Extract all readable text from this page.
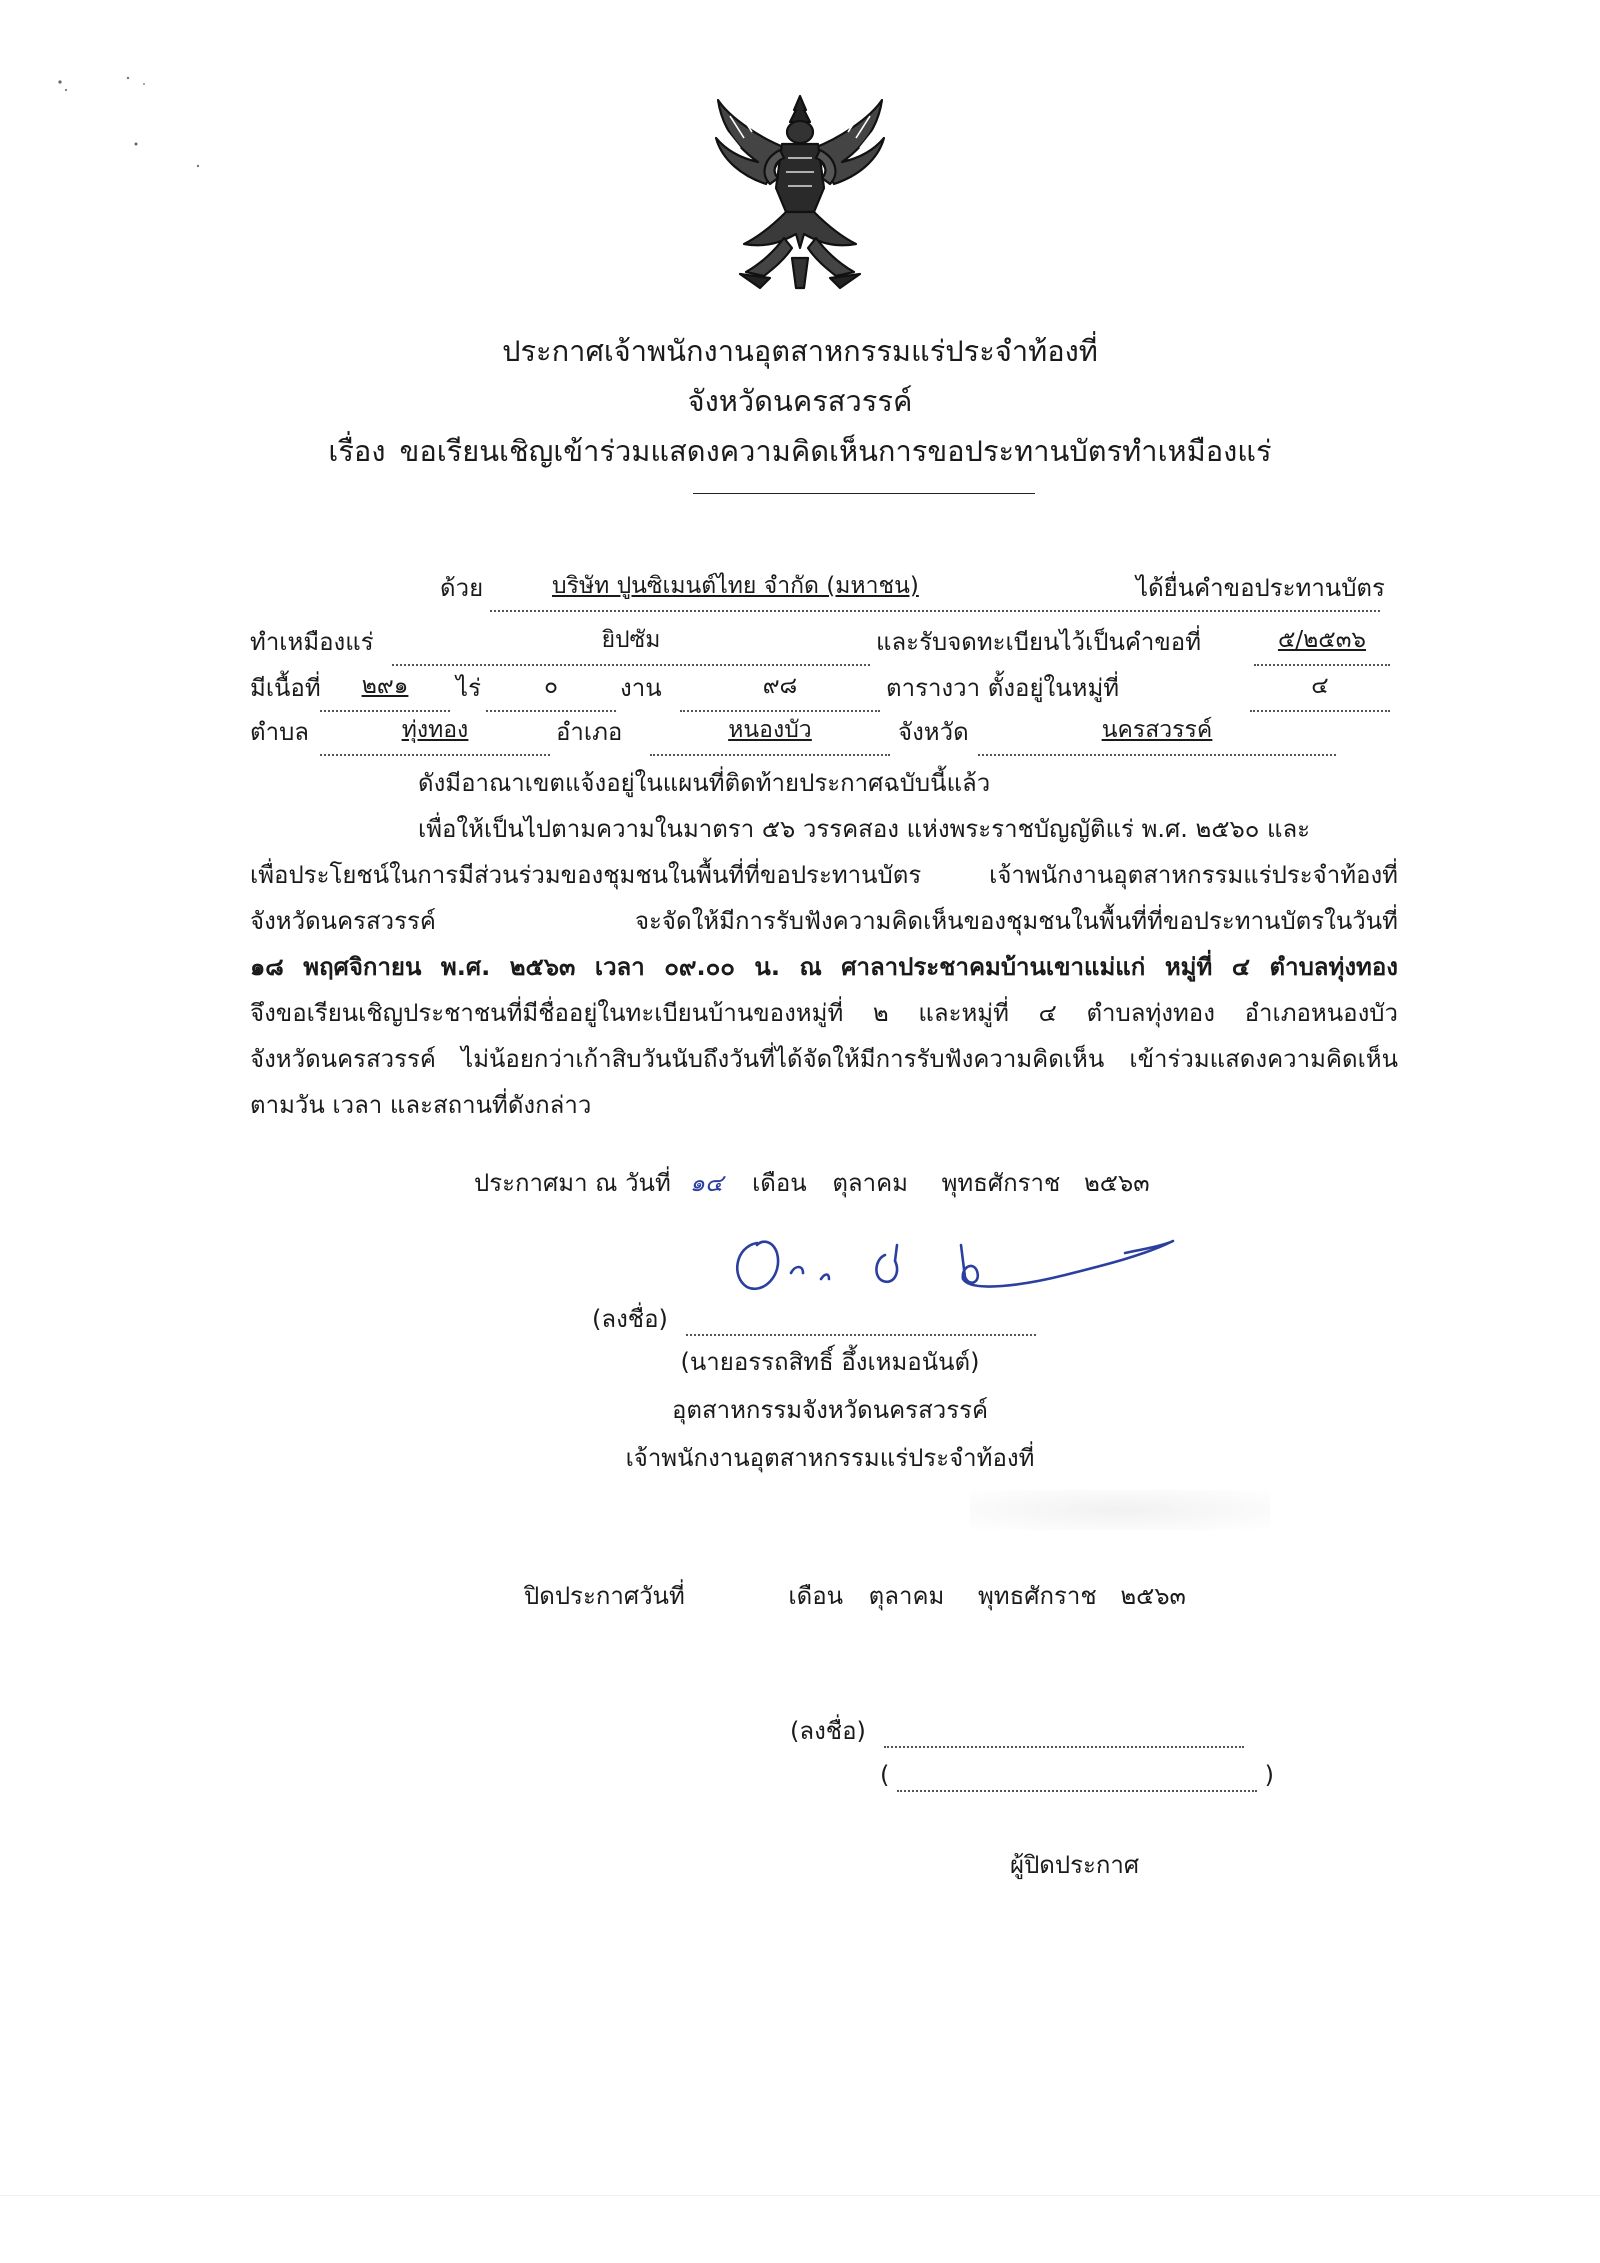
ประกาศเจ้าพนักงานอุตสาหกรรมแร่ประจำท้องที่
จังหวัดนครสวรรค์
เรื่อง ขอเรียนเชิญเข้าร่วมแสดงความคิดเห็นการขอประทานบัตรทำเหมืองแร่
ด้วย	บริษัท ปูนซิเมนต์ไทย จำกัด (มหาชน)	ได้ยื่นคำขอประทานบัตร
ทำเหมืองแร่	ยิปซัม	และรับจดทะเบียนไว้เป็นคำขอที่	๕/๒๕๓๖
มีเนื้อที่	๒๙๑	ไร่	๐	งาน	๙๘	ตารางวา ตั้งอยู่ในหมู่ที่	๔
ตำบล	ทุ่งทอง	อำเภอ	หนองบัว	จังหวัด	นครสวรรค์
ดังมีอาณาเขตแจ้งอยู่ในแผนที่ติดท้ายประกาศฉบับนี้แล้ว
เพื่อให้เป็นไปตามความในมาตรา ๕๖ วรรคสอง แห่งพระราชบัญญัติแร่ พ.ศ. ๒๕๖๐ และ
เพื่อประโยชน์ในการมีส่วนร่วมของชุมชนในพื้นที่ที่ขอประทานบัตร เจ้าพนักงานอุตสาหกรรมแร่ประจำท้องที่
จังหวัดนครสวรรค์ จะจัดให้มีการรับฟังความคิดเห็นของชุมชนในพื้นที่ที่ขอประทานบัตรในวันที่
๑๘ พฤศจิกายน พ.ศ. ๒๕๖๓ เวลา ๐๙.๐๐ น. ณ ศาลาประชาคมบ้านเขาแม่แก่ หมู่ที่ ๔ ตำบลทุ่งทอง
จึงขอเรียนเชิญประชาชนที่มีชื่ออยู่ในทะเบียนบ้านของหมู่ที่ ๒ และหมู่ที่ ๔ ตำบลทุ่งทอง อำเภอหนองบัว
จังหวัดนครสวรรค์ ไม่น้อยกว่าเก้าสิบวันนับถึงวันที่ได้จัดให้มีการรับฟังความคิดเห็น เข้าร่วมแสดงความคิดเห็น
ตามวัน เวลา และสถานที่ดังกล่าว
ประกาศมา ณ วันที่ ๑๔ เดือน ตุลาคม พุทธศักราช ๒๕๖๓
(ลงชื่อ)
(นายอรรถสิทธิ์ อึ้งเหมอนันต์)
อุตสาหกรรมจังหวัดนครสวรรค์
เจ้าพนักงานอุตสาหกรรมแร่ประจำท้องที่
ปิดประกาศวันที่	เดือน ตุลาคม พุทธศักราช ๒๕๖๓
(ลงชื่อ)
(	)
ผู้ปิดประกาศ
